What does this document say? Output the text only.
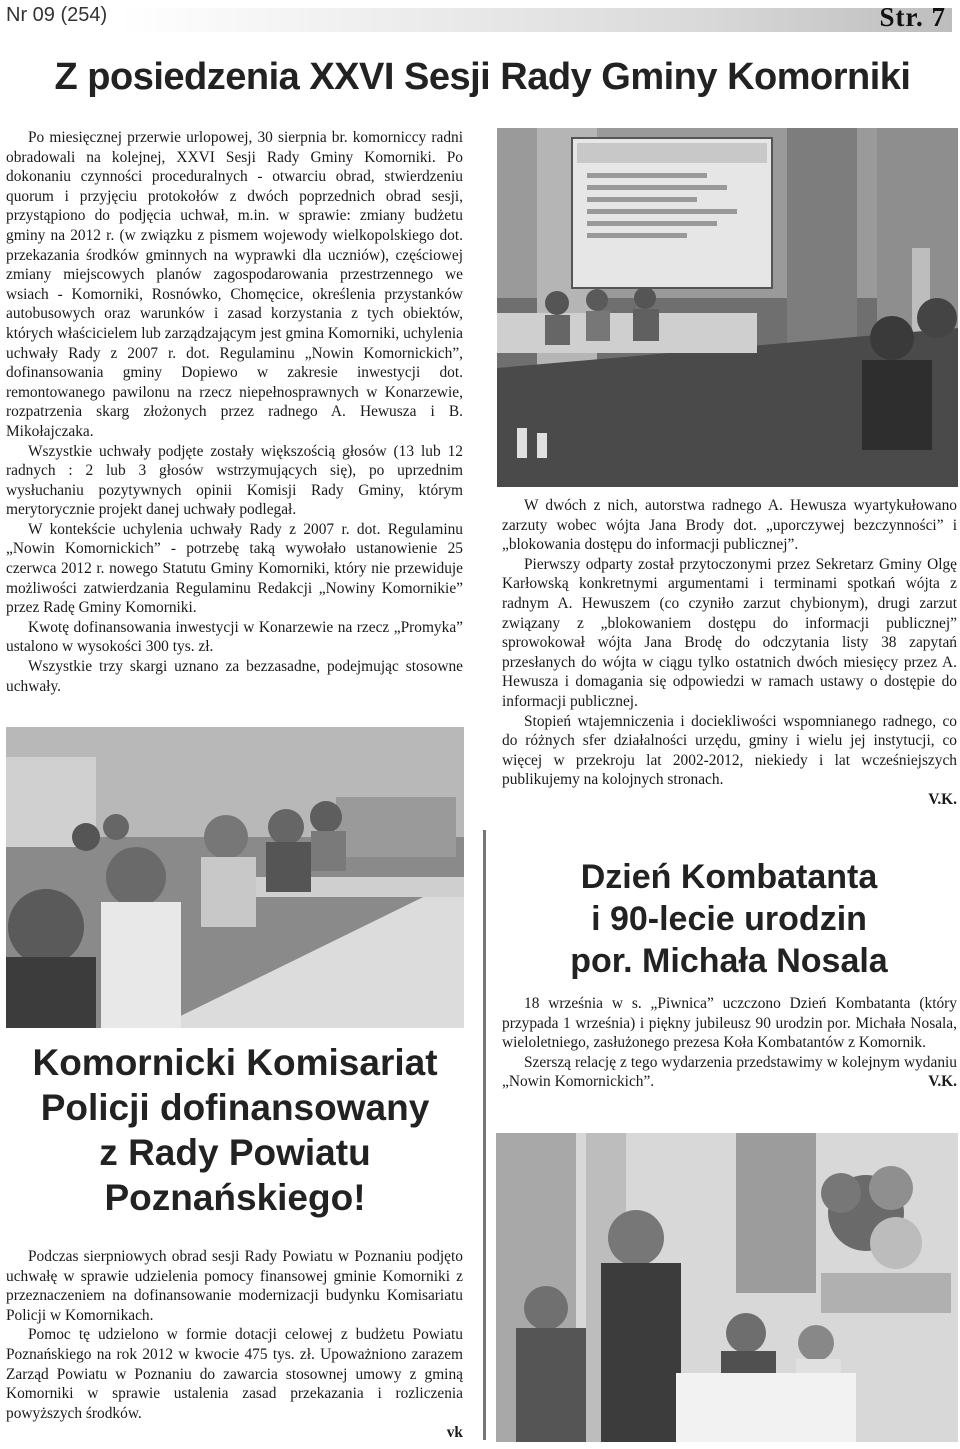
Nr 09 (254)	Str. 7
Z posiedzenia XXVI Sesji Rady Gminy Komorniki

Po miesięcznej przerwie urlopowej, 30 sierpnia br. komorniccy radni obradowali na kolejnej, XXVI Sesji Rady Gminy Komorniki. Po dokonaniu czynności proceduralnych - otwarciu obrad, stwierdzeniu quorum i przyjęciu protokołów z dwóch poprzednich obrad sesji, przystąpiono do podjęcia uchwał, m.in. w sprawie: zmiany budżetu gminy na 2012 r. (w związku z pismem wojewody wielkopolskiego dot. przekazania środków gminnych na wyprawki dla uczniów), częściowej zmiany miejscowych planów zagospodarowania przestrzennego we wsiach - Komorniki, Rosnówko, Chomęcice, określenia przystanków autobusowych oraz warunków i zasad korzystania z tych obiektów, których właścicielem lub zarządzającym jest gmina Komorniki, uchylenia uchwały Rady z 2007 r. dot. Regulaminu „Nowin Komornickich”, dofinansowania gminy Dopiewo w zakresie inwestycji dot. remontowanego pawilonu na rzecz niepełnosprawnych w Konarzewie, rozpatrzenia skarg złożonych przez radnego A. Hewusza i B. Mikołajczaka.

Wszystkie uchwały podjęte zostały większością głosów (13 lub 12 radnych : 2 lub 3 głosów wstrzymujących się), po uprzednim wysłuchaniu pozytywnych opinii Komisji Rady Gminy, którym merytorycznie projekt danej uchwały podlegał.

W kontekście uchylenia uchwały Rady z 2007 r. dot. Regulaminu „Nowin Komornickich” - potrzebę taką wywołało ustanowienie 25 czerwca 2012 r. nowego Statutu Gminy Komorniki, który nie przewiduje możliwości zatwierdzania Regulaminu Redakcji „Nowiny Komornikie” przez Radę Gminy Komorniki.

Kwotę dofinansowania inwestycji w Konarzewie na rzecz „Promyka” ustalono w wysokości 300 tys. zł.

Wszystkie trzy skargi uznano za bezzasadne, podejmując stosowne uchwały.

W dwóch z nich, autorstwa radnego A. Hewusza wyartykułowano zarzuty wobec wójta Jana Brody dot. „uporczywej bezczynności” i „blokowania dostępu do informacji publicznej”.

Pierwszy odparty został przytoczonymi przez Sekretarz Gminy Olgę Karłowską konkretnymi argumentami i terminami spotkań wójta z radnym A. Hewuszem (co czyniło zarzut chybionym), drugi zarzut związany z „blokowaniem dostępu do informacji publicznej” sprowokował wójta Jana Brodę do odczytania listy 38 zapytań przesłanych do wójta w ciągu tylko ostatnich dwóch miesięcy przez A. Hewusza i domagania się odpowiedzi w ramach ustawy o dostępie do informacji publicznej.

Stopień wtajemniczenia i dociekliwości wspomnianego radnego, co do różnych sfer działalności urzędu, gminy i wielu jej instytucji, co więcej w przekroju lat 2002-2012, niekiedy i lat wcześniejszych publikujemy na kolojnych stronach.

V.K.

Komornicki Komisariat
Policji dofinansowany
z Rady Powiatu
Poznańskiego!

Podczas sierpniowych obrad sesji Rady Powiatu w Poznaniu podjęto uchwałę w sprawie udzielenia pomocy finansowej gminie Komorniki z przeznaczeniem na dofinansowanie modernizacji budynku Komisariatu Policji w Komornikach.

Pomoc tę udzielono w formie dotacji celowej z budżetu Powiatu Poznańskiego na rok 2012 w kwocie 475 tys. zł. Upoważniono zarazem Zarząd Powiatu w Poznaniu do zawarcia stosownej umowy z gminą Komorniki w sprawie ustalenia zasad przekazania i rozliczenia powyższych środków.

vk

Dzień Kombatanta
i 90-lecie urodzin
por. Michała Nosala

18 września w s. „Piwnica” uczczono Dzień Kombatanta (który przypada 1 września) i piękny jubileusz 90 urodzin por. Michała Nosala, wieloletniego, zasłużonego prezesa Koła Kombatantów z Komornik.

Szerszą relację z tego wydarzenia przedstawimy w kolejnym wydaniu „Nowin Komornickich”.	V.K.
